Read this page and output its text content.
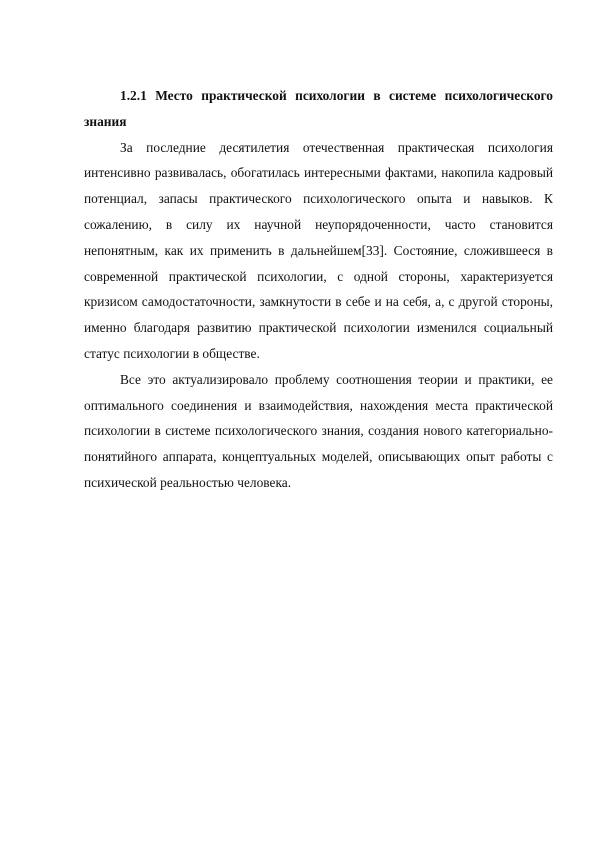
1.2.1 Место практической психологии в системе психологического знания

За последние десятилетия отечественная практическая психология интенсивно развивалась, обогатилась интересными фактами, накопила кадровый потенциал, запасы практического психологического опыта и навыков. К сожалению, в силу их научной неупорядоченности, часто становится непонятным, как их применить в дальнейшем[33]. Состояние, сложившееся в современной практической психологии, с одной стороны, характеризуется кризисом самодостаточности, замкнутости в себе и на себя, а, с другой стороны, именно благодаря развитию практической психологии изменился социальный статус психологии в обществе.

Все это актуализировало проблему соотношения теории и практики, ее оптимального соединения и взаимодействия, нахождения места практической психологии в системе психологического знания, создания нового категориально-понятийного аппарата, концептуальных моделей, описывающих опыт работы с психической реальностью человека.
